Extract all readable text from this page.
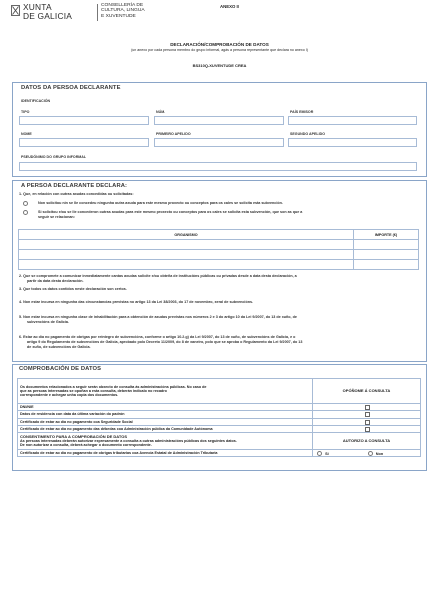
XUNTA
DE GALICIA
CONSELLERÍA DE
CULTURA, LINGUA
E XUVENTUDE
ANEXO II
DECLARACIÓN/COMPROBACIÓN DE DATOS
(un anexo por cada persona membro do grupo informal, agás a persona representante que declara no anexo I)
BS310Q-XUVENTUDE CREA
DATOS DA PERSOA DECLARANTE
IDENTIFICACIÓN
TIPO	NÚM.	PAÍS EMISOR
NOME	PRIMEIRO APELIDO	SEGUNDO APELIDO
PSEUDÓNIMO DO GRUPO INFORMAL
A PERSOA DECLARANTE DECLARA:
1. Que, en relación con outras axudas concedidas ou solicitadas:
Non solicitou nin se lle concedeu ningunha outra axuda para este mesmo proxecto ou conceptos para os cales se solicita esta subvención.
Si solicitou e/ou se lle concederon outras axudas para este mesmo proxecto ou conceptos para os cales se solicita esta subvención, que son as que a
seguir se relacionan:
ORGANISMO	IMPORTE (€)

2. Que se compromete a comunicar inmediatamente cantas axudas solicite e/ou obteña de institucións públicas ou privadas desde a data desta declaración, a
partir da data desta declaración.
3. Que todos os datos contidos neste declaración son certos.
4. Non estar incursa en ningunha das circunstancias previstas no artigo 13 da Lei 38/2003, do 17 de novembro, xeral de subvencións.
5. Non estar incursa en ningunha clase de inhabilitación para a obtención de axudas previstas nos números 2 e 3 do artigo 10 da Lei 9/2007, do 13 de xuño, de
subvencións de Galicia.
6. Estar ao día no pagamento de obrigas por reintegro de subvencións, conforme o artigo 10.2.g) da Lei 9/2007, do 13 de xuño, de subvencións de Galicia, e o
artigo 9 do Regulamento de subvencións de Galicia, aprobado polo Decreto 11/2009, do 8 de xaneiro, polo que se aproba o Regulamento da Lei 9/2007, do 13
de xuño, de subvencións de Galicia.
COMPROBACIÓN DE DATOS
Os documentos relacionados a seguir serán obxecto de consulta ás administracións públicas. No caso de
que as persoas interesadas se opoñan a esta consulta, deberán indicalo no recadro
correspondente e achegar unha copia dos documentos.	OPÓÑOME Á CONSULTA
DNI/NIE	
Datos de residencia con data da última variación do padrón	
Certificado de estar ao día no pagamento coa Seguridade Social	
Certificado de estar ao día no pagamento das débedas coa Administración pública da Comunidade Autónoma	

CONSENTIMENTO PARA A COMPROBACIÓN DE DATOS
As persoas interesadas deberán autorizar expresamente a consulta a outras administracións públicas dos seguintes datos.
De non autorizar a consulta, deberá achegar o documento correspondente.	AUTORIZO A CONSULTA
Certificado de estar ao día no pagamento de obrigas tributarias coa Axencia Estatal de Administración Tributaria	Si Non
